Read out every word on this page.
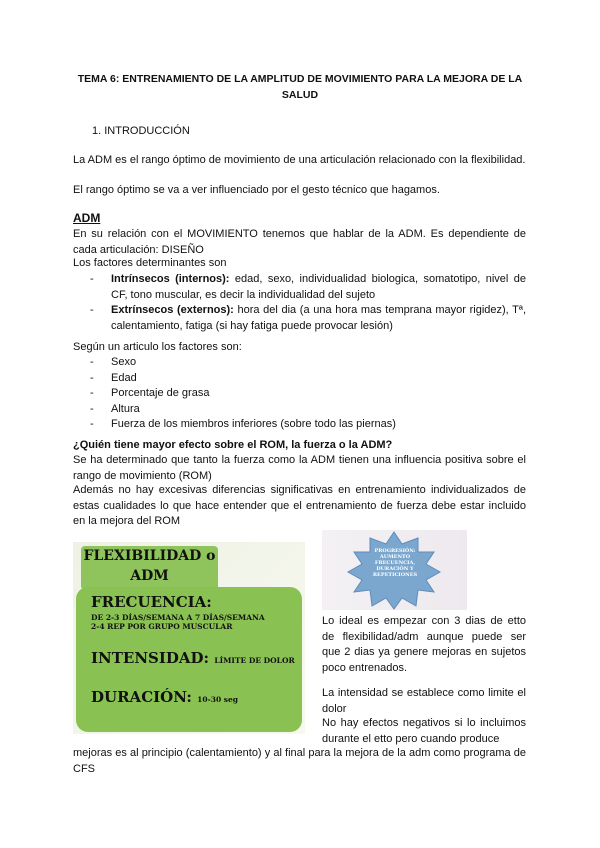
TEMA 6: ENTRENAMIENTO DE LA AMPLITUD DE MOVIMIENTO PARA LA MEJORA DE LA SALUD
1. INTRODUCCIÓN
La ADM es el rango óptimo de movimiento de una articulación relacionado con la flexibilidad.
El rango óptimo se va a ver influenciado por el gesto técnico que hagamos.
ADM
En su relación con el MOVIMIENTO tenemos que hablar de la ADM. Es dependiente de cada articulación: DISEÑO
Los factores determinantes son
- Intrínsecos (internos): edad, sexo, individualidad biologica, somatotipo, nivel de CF, tono muscular, es decir la individualidad del sujeto
- Extrínsecos (externos): hora del dia (a una hora mas temprana mayor rigidez), Tª, calentamiento, fatiga (si hay fatiga puede provocar lesión)
Según un articulo los factores son:
- Sexo
- Edad
- Porcentaje de grasa
- Altura
- Fuerza de los miembros inferiores (sobre todo las piernas)
¿Quién tiene mayor efecto sobre el ROM, la fuerza o la ADM?
Se ha determinado que tanto la fuerza como la ADM tienen una influencia positiva sobre el rango de movimiento (ROM)
Además no hay excesivas diferencias significativas en entrenamiento individualizados de estas cualidades lo que hace entender que el entrenamiento de fuerza debe estar incluido en la mejora del ROM
FLEXIBILIDAD o
ADM
FRECUENCIA:
DE 2-3 DÍAS/SEMANA A 7 DÍAS/SEMANA
2-4 REP POR GRUPO MUSCULAR
INTENSIDAD: LÍMITE DE DOLOR
DURACIÓN: 10-30 seg
PROGRESIÓN: AUMENTO FRECUENCIA, DURACIÓN Y REPETICIONES
Lo ideal es empezar con 3 dias de etto de flexibilidad/adm aunque puede ser que 2 dias ya genere mejoras en sujetos poco entrenados.
La intensidad se establece como limite el dolor
No hay efectos negativos si lo incluimos durante el etto pero cuando produce
mejoras es al principio (calentamiento) y al final para la mejora de la adm como programa de CFS
